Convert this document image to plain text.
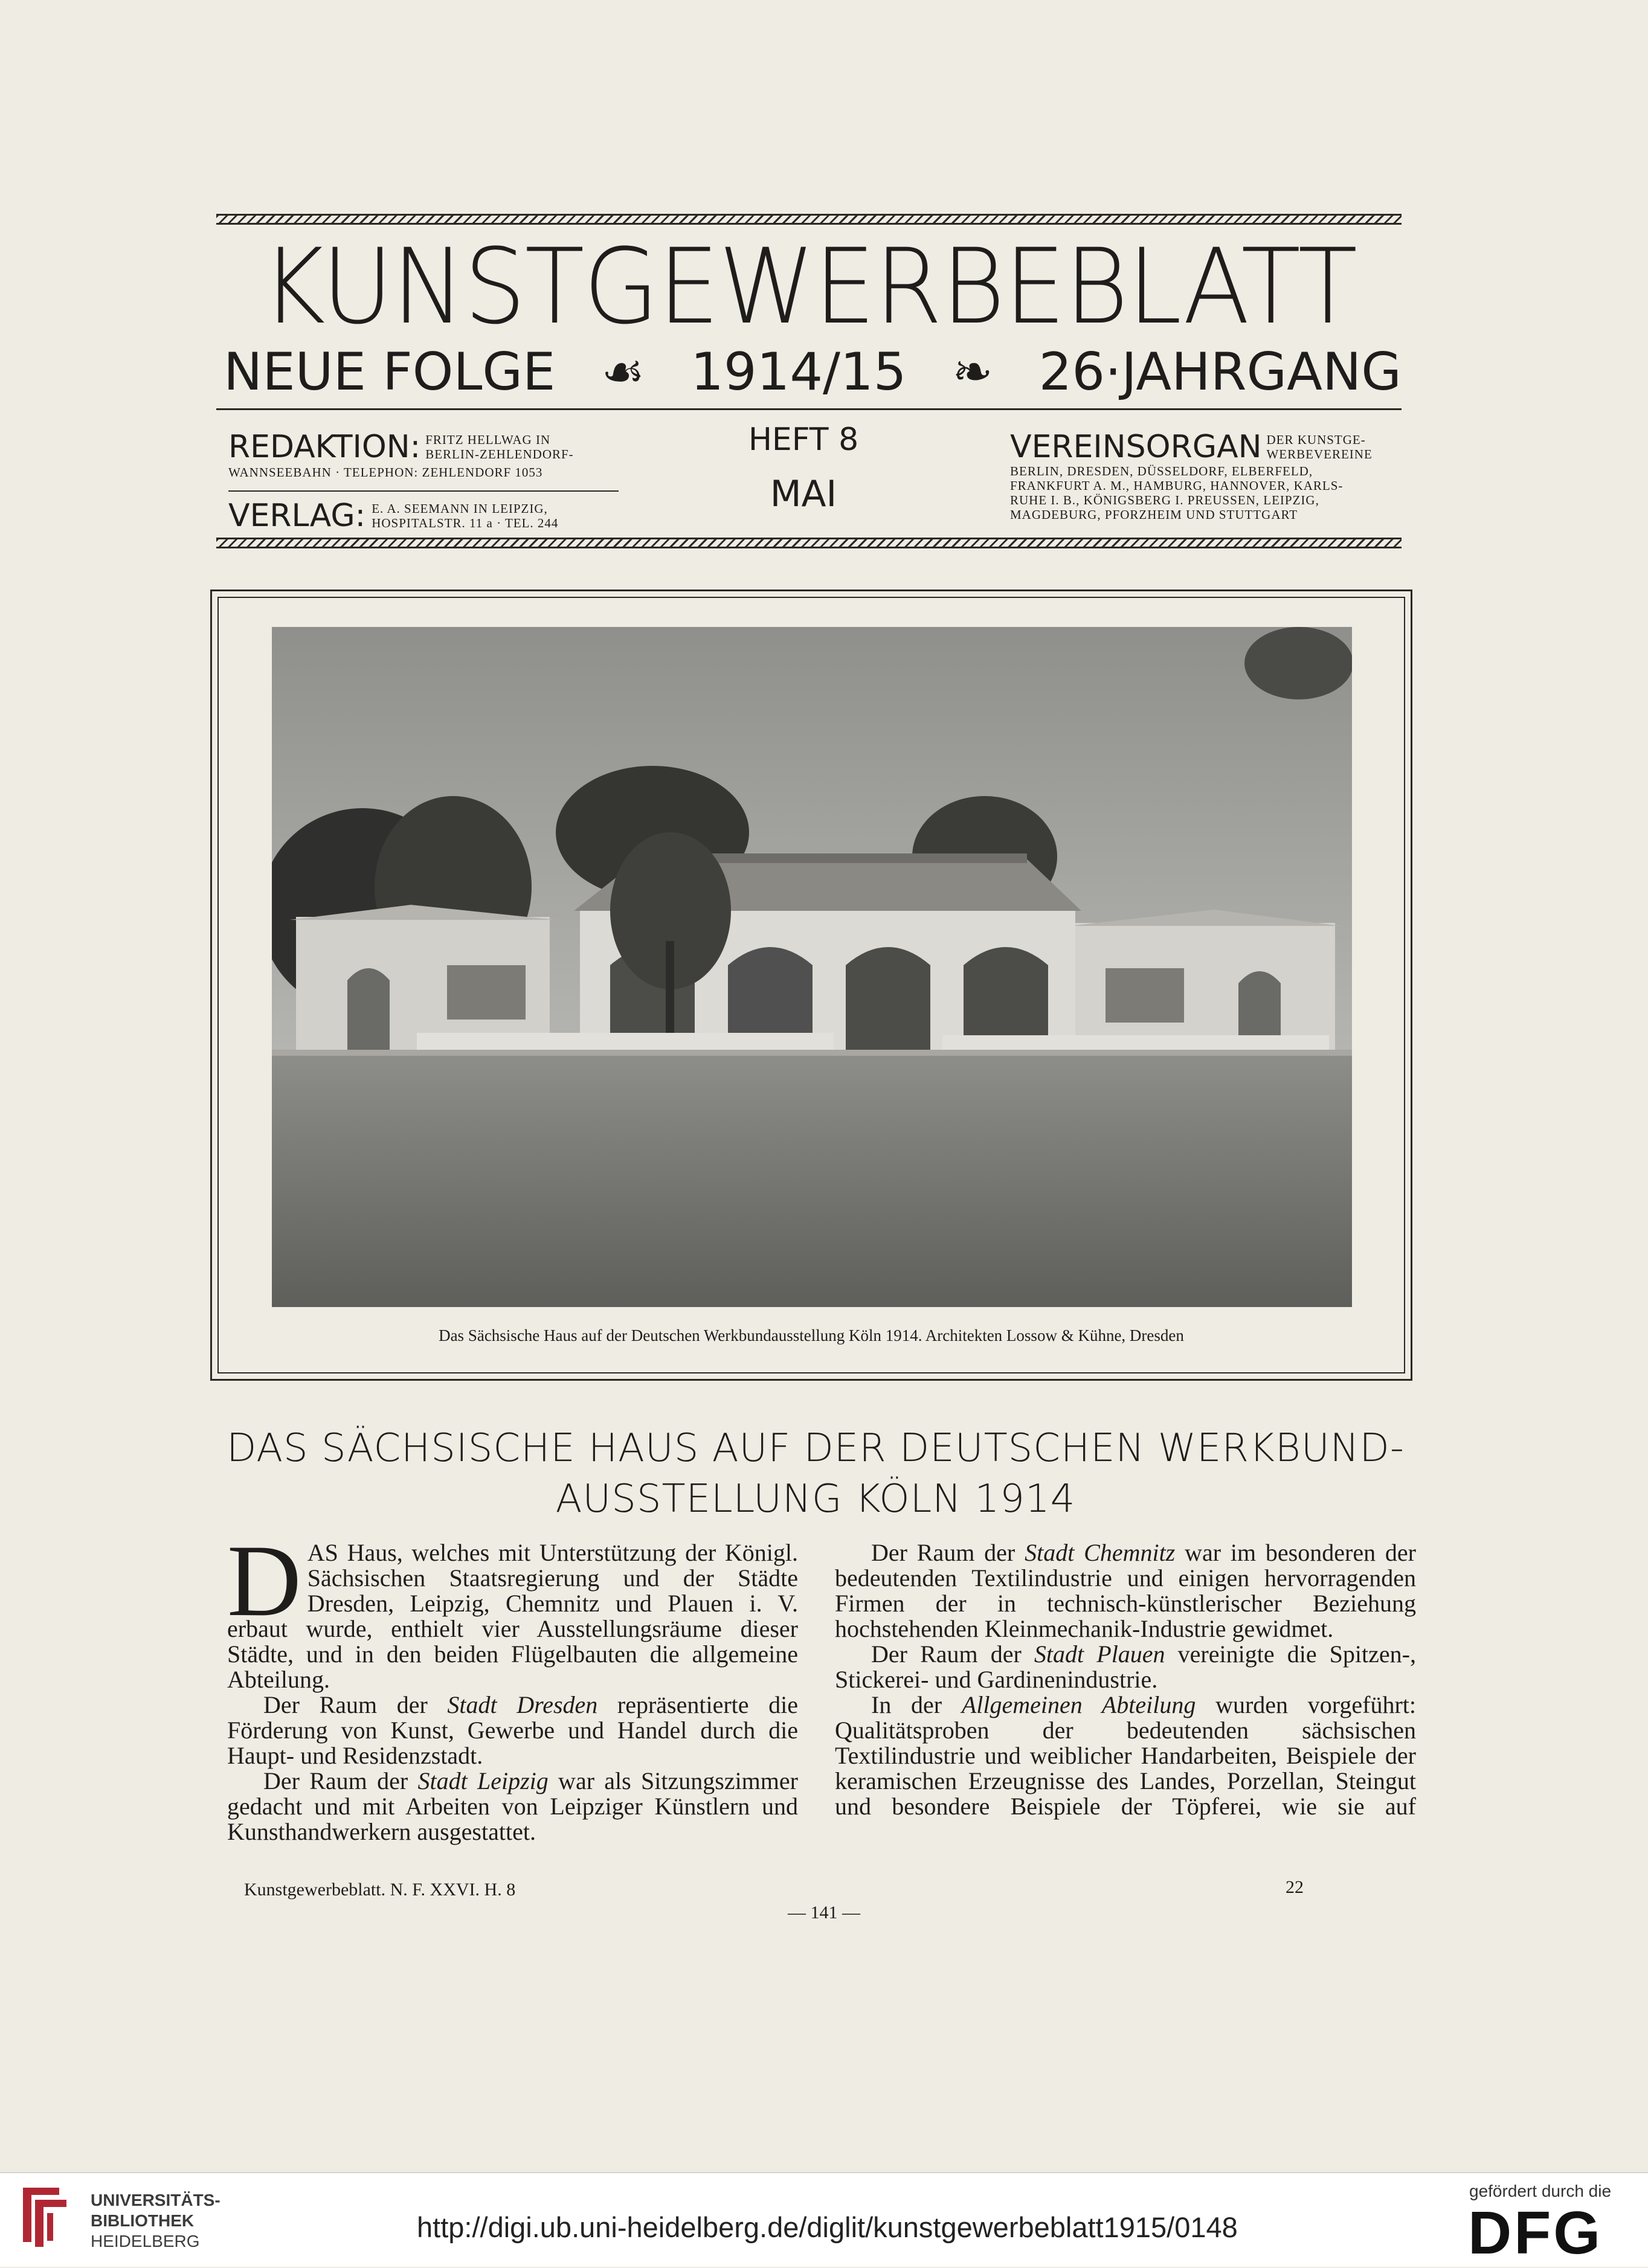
KUNSTGEWERBEBLATT
NEUE FOLGE ☙ 1914/15 ❧ 26·JAHRGANG
REDAKTION: FRITZ HELLWAG IN
BERLIN-ZEHLENDORF-
WANNSEEBAHN · TELEPHON: ZEHLENDORF 1053
VERLAG: E. A. SEEMANN IN LEIPZIG,
HOSPITALSTR. 11 a · TEL. 244
HEFT 8
MAI
VEREINSORGAN DER KUNSTGE-
WERBEVEREINE
BERLIN, DRESDEN, DÜSSELDORF, ELBERFELD,
FRANKFURT A. M., HAMBURG, HANNOVER, KARLS-
RUHE I. B., KÖNIGSBERG I. PREUSSEN, LEIPZIG,
MAGDEBURG, PFORZHEIM UND STUTTGART
Das Sächsische Haus auf der Deutschen Werkbundausstellung Köln 1914. Architekten Lossow & Kühne, Dresden
DAS SÄCHSISCHE HAUS AUF DER DEUTSCHEN WERKBUND-
AUSSTELLUNG KÖLN 1914

D AS Haus, welches mit Unterstützung der Königl. Sächsischen Staatsregierung und der Städte Dresden, Leipzig, Chemnitz und Plauen i. V. erbaut wurde, enthielt vier Ausstellungsräume dieser Städte, und in den beiden Flügelbauten die allgemeine Abteilung.

Der Raum der Stadt Dresden repräsentierte die Förderung von Kunst, Gewerbe und Handel durch die Haupt- und Residenzstadt.

Der Raum der Stadt Leipzig war als Sitzungszimmer gedacht und mit Arbeiten von Leipziger Künstlern und Kunsthandwerkern ausgestattet.

Der Raum der Stadt Chemnitz war im besonderen der bedeutenden Textilindustrie und einigen hervorragenden Firmen der in technisch-künstlerischer Beziehung hochstehenden Kleinmechanik-Industrie gewidmet.

Der Raum der Stadt Plauen vereinigte die Spitzen-, Stickerei- und Gardinenindustrie.

In der Allgemeinen Abteilung wurden vorgeführt: Qualitätsproben der bedeutenden sächsischen Textilindustrie und weiblicher Handarbeiten, Beispiele der keramischen Erzeugnisse des Landes, Porzellan, Steingut und besondere Beispiele der Töpferei, wie sie auf

Kunstgewerbeblatt. N. F. XXVI. H. 8	22
— 141 —
UNIVERSITÄTS-
BIBLIOTHEK
HEIDELBERG	http://digi.ub.uni-heidelberg.de/diglit/kunstgewerbeblatt1915/0148
gefördert durch die
DFG
